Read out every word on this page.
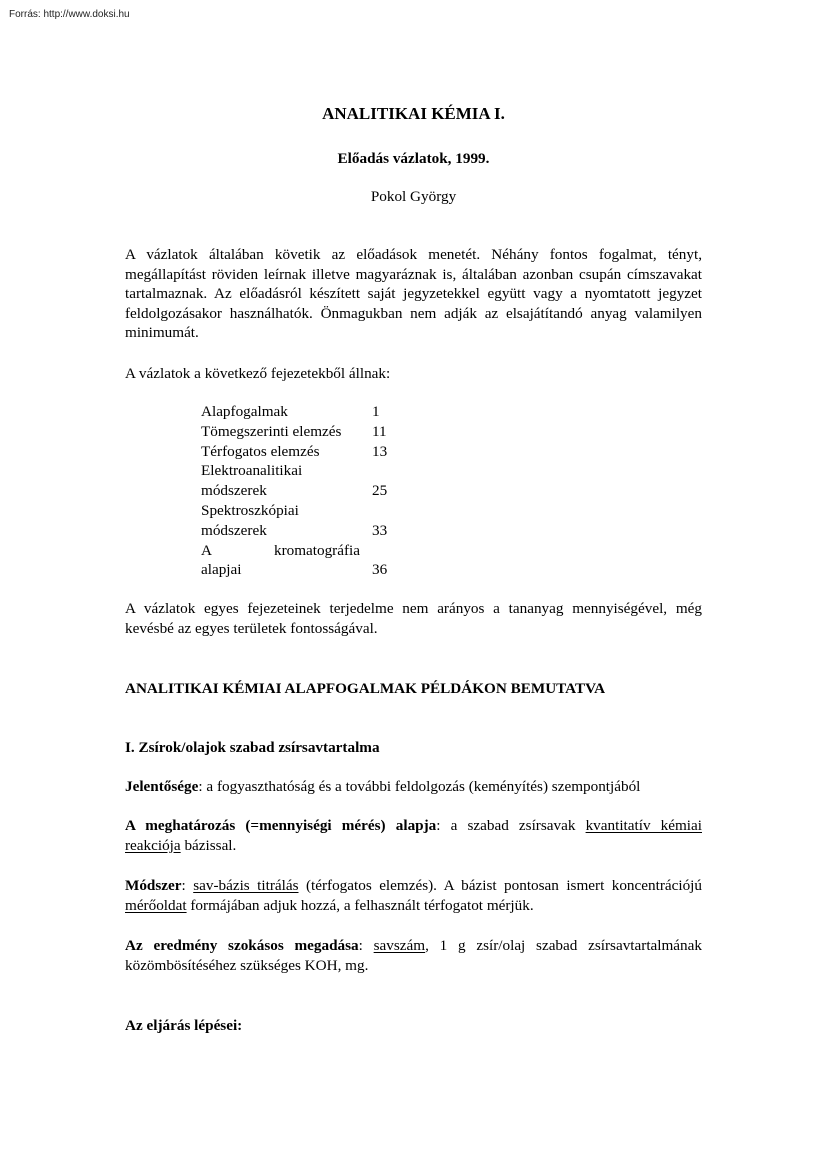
Forrás: http://www.doksi.hu
ANALITIKAI KÉMIA I.
Előadás vázlatok, 1999.
Pokol György

A vázlatok általában követik az előadások menetét. Néhány fontos fogalmat, tényt, megállapítást röviden leírnak illetve magyaráznak is, általában azonban csupán címszavakat tartalmaznak. Az előadásról készített saját jegyzetekkel együtt vagy a nyomtatott jegyzet feldolgozásakor használhatók. Önmagukban nem adják az elsajátítandó anyag valamilyen minimumát.

A vázlatok a következő fejezetekből állnak:

Alapfogalmak	1
Tömegszerinti elemzés	11
Térfogatos elemzés	13
Elektroanalitikai	
módszerek	25
Spektroszkópiai	
módszerek	33
A kromatográfia	
alapjai	36

A vázlatok egyes fejezeteinek terjedelme nem arányos a tananyag mennyiségével, még kevésbé az egyes területek fontosságával.

ANALITIKAI KÉMIAI ALAPFOGALMAK PÉLDÁKON BEMUTATVA
I. Zsírok/olajok szabad zsírsavtartalma

Jelentősége: a fogyaszthatóság és a további feldolgozás (keményítés) szempontjából

A meghatározás (=mennyiségi mérés) alapja: a szabad zsírsavak kvantitatív kémiai reakciója bázissal.

Módszer: sav-bázis titrálás (térfogatos elemzés). A bázist pontosan ismert koncentrációjú mérőoldat formájában adjuk hozzá, a felhasznált térfogatot mérjük.

Az eredmény szokásos megadása: savszám, 1 g zsír/olaj szabad zsírsavtartalmának közömbösítéséhez szükséges KOH, mg.

Az eljárás lépései:
